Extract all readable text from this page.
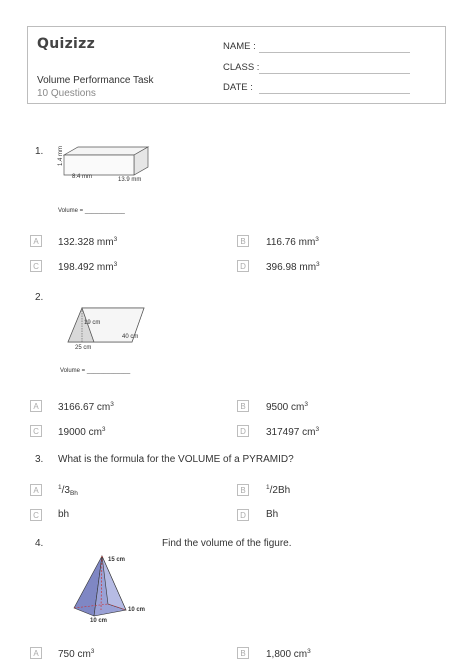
Quizizz
Volume Performance Task
10 Questions
NAME :
CLASS :
DATE :
1. 1.4 mm
8.4 mm	13.9 mm
Volume = ____________
A	132.328 $mm^3$	B	116.76 $mm^3$
C	198.492 $mm^3$	D	396.98 $mm^3$
2.
19 cm
25 cm
40 cm
Volume = _____________
A	3166.67 $cm^3$	B	9500 $cm^3$
C	19000 $cm^3$	D	317497 $cm^3$
3. What is the formula for the VOLUME of a PYRAMID?
A	$^1/3_{Bh}$	B	$^1$/2Bh
C	bh	D	Bh
4.	Find the volume of the figure.
15 cm
10 cm
10 cm
A	750 $cm^3$	B	1,800 $cm^3$
